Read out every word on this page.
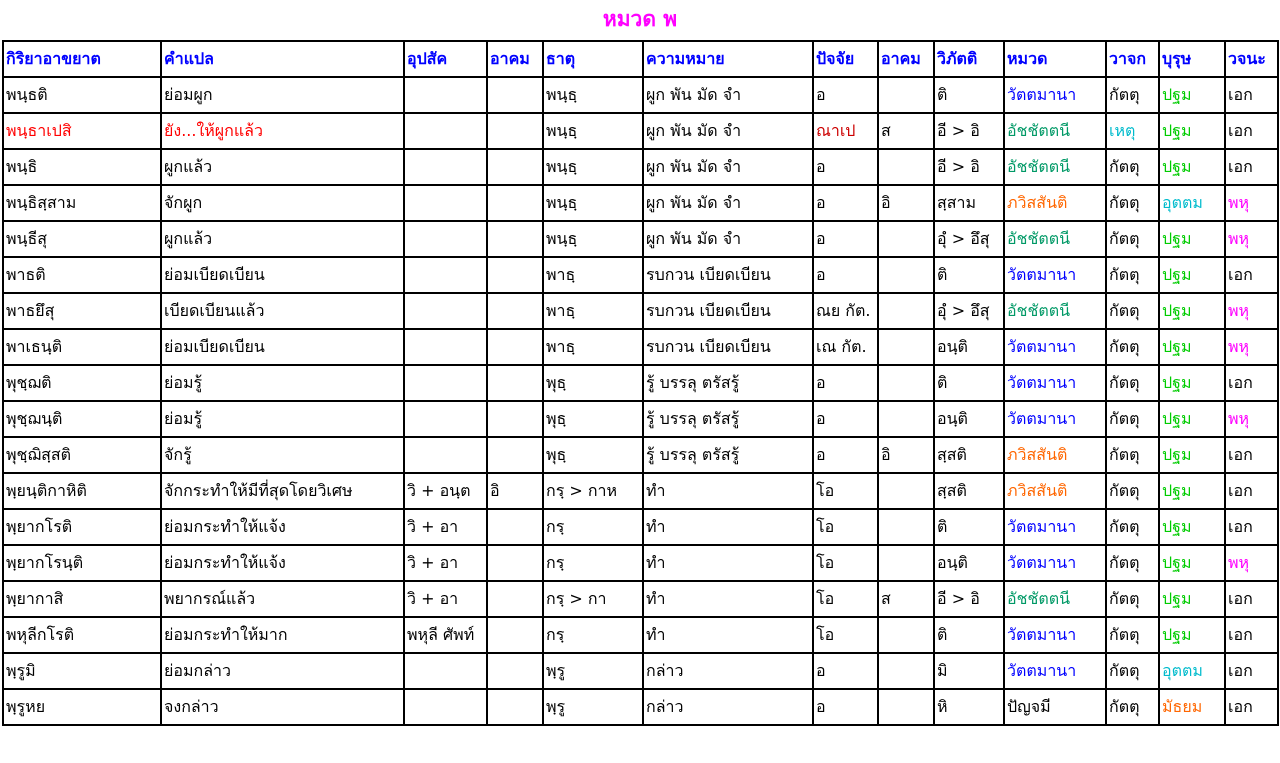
หมวด พ
กิริยาอาขยาต	คำแปล	อุปสัค	อาคม	ธาตุ	ความหมาย	ปัจจัย	อาคม	วิภัตติ	หมวด	วาจก	บุรุษ	วจนะ
พนฺธติ	ย่อมผูก			พนฺธฺ	ผูก พัน มัด จำ	อ		ติ	วัตตมานา	กัตตุ	ปฐม	เอก
พนฺธาเปสิ	ยัง...ให้ผูกแล้ว			พนฺธฺ	ผูก พัน มัด จำ	ณาเป	ส	อี > อิ	อัชชัตตนี	เหตุ	ปฐม	เอก
พนฺธิ	ผูกแล้ว			พนฺธฺ	ผูก พัน มัด จำ	อ		อี > อิ	อัชชัตตนี	กัตตุ	ปฐม	เอก
พนฺธิสฺสาม	จักผูก			พนฺธฺ	ผูก พัน มัด จำ	อ	อิ	สฺสาม	ภวิสสันติ	กัตตุ	อุตตม	พหุ
พนฺธีสุ	ผูกแล้ว			พนฺธฺ	ผูก พัน มัด จำ	อ		อุํ > อึสุ	อัชชัตตนี	กัตตุ	ปฐม	พหุ
พาธติ	ย่อมเบียดเบียน			พาธฺ	รบกวน เบียดเบียน	อ		ติ	วัตตมานา	กัตตุ	ปฐม	เอก
พาธยึสุ	เบียดเบียนแล้ว			พาธฺ	รบกวน เบียดเบียน	ณย กัต.		อุํ > อึสุ	อัชชัตตนี	กัตตุ	ปฐม	พหุ
พาเธนฺติ	ย่อมเบียดเบียน			พาธฺ	รบกวน เบียดเบียน	เณ กัต.		อนฺติ	วัตตมานา	กัตตุ	ปฐม	พหุ
พุชฺฌติ	ย่อมรู้			พุธฺ	รู้ บรรลุ ตรัสรู้	อ		ติ	วัตตมานา	กัตตุ	ปฐม	เอก
พุชฺฌนฺติ	ย่อมรู้			พุธฺ	รู้ บรรลุ ตรัสรู้	อ		อนฺติ	วัตตมานา	กัตตุ	ปฐม	พหุ
พุชฺฌิสฺสติ	จักรู้			พุธฺ	รู้ บรรลุ ตรัสรู้	อ	อิ	สฺสติ	ภวิสสันติ	กัตตุ	ปฐม	เอก
พฺยนฺติกาหิติ	จักกระทำให้มีที่สุดโดยวิเศษ	วิ + อนฺต	อิ	กรฺ > กาห	ทำ	โอ		สฺสติ	ภวิสสันติ	กัตตุ	ปฐม	เอก
พฺยากโรติ	ย่อมกระทำให้แจ้ง	วิ + อา		กรฺ	ทำ	โอ		ติ	วัตตมานา	กัตตุ	ปฐม	เอก
พฺยากโรนฺติ	ย่อมกระทำให้แจ้ง	วิ + อา		กรฺ	ทำ	โอ		อนฺติ	วัตตมานา	กัตตุ	ปฐม	พหุ
พฺยากาสิ	พยากรณ์แล้ว	วิ + อา		กรฺ > กา	ทำ	โอ	ส	อี > อิ	อัชชัตตนี	กัตตุ	ปฐม	เอก
พหุลีกโรติ	ย่อมกระทำให้มาก	พหุลี ศัพท์		กรฺ	ทำ	โอ		ติ	วัตตมานา	กัตตุ	ปฐม	เอก
พฺรูมิ	ย่อมกล่าว			พฺรู	กล่าว	อ		มิ	วัตตมานา	กัตตุ	อุตตม	เอก
พฺรูหย	จงกล่าว			พฺรู	กล่าว	อ		หิ	ปัญจมี	กัตตุ	มัธยม	เอก
